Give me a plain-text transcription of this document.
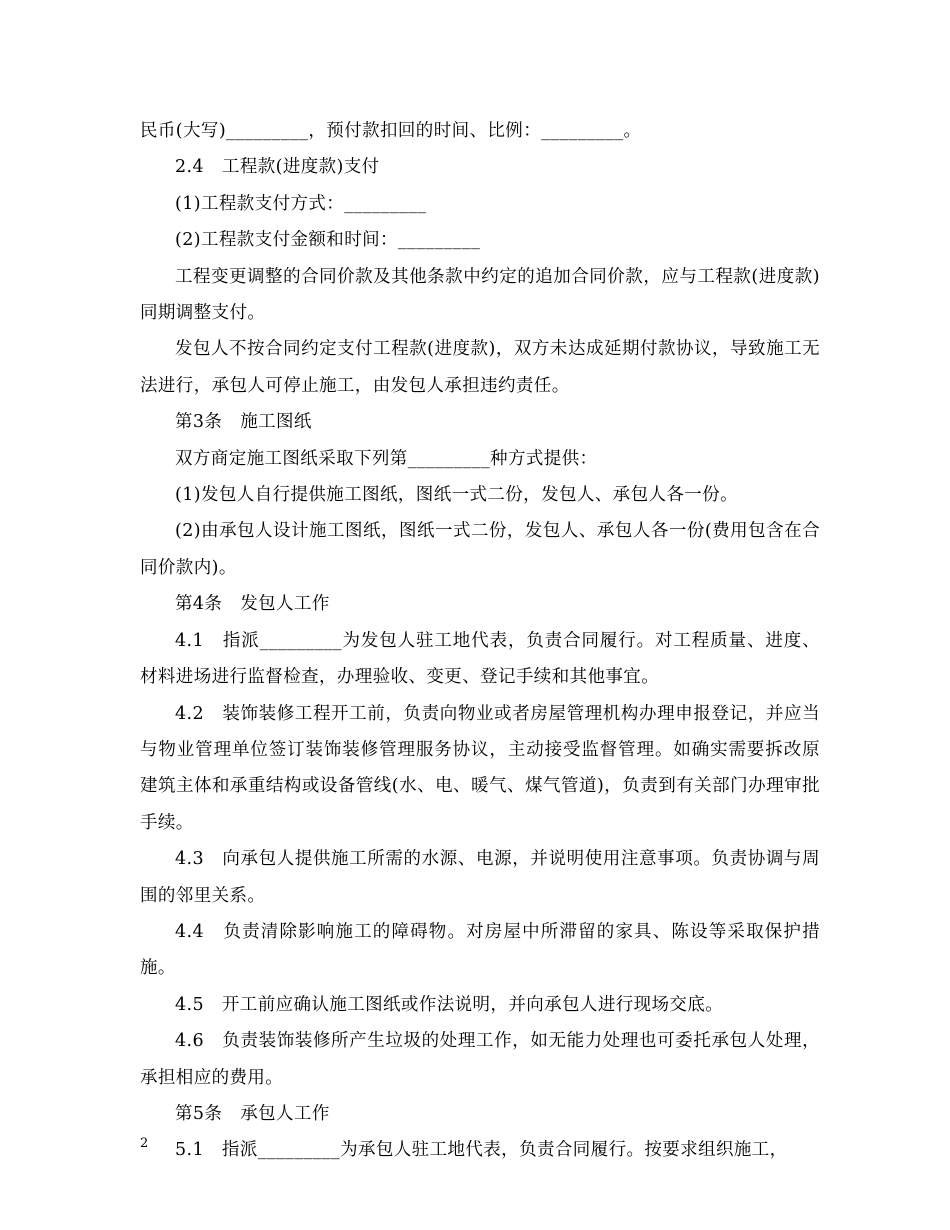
民币(大写)_________，预付款扣回的时间、比例：_________。

2.4　工程款(进度款)支付

(1)工程款支付方式：_________

(2)工程款支付金额和时间：_________

工程变更调整的合同价款及其他条款中约定的追加合同价款，应与工程款(进度款)同期调整支付。

发包人不按合同约定支付工程款(进度款)，双方未达成延期付款协议，导致施工无法进行，承包人可停止施工，由发包人承担违约责任。

第3条　施工图纸

双方商定施工图纸采取下列第_________种方式提供：

(1)发包人自行提供施工图纸，图纸一式二份，发包人、承包人各一份。

(2)由承包人设计施工图纸，图纸一式二份，发包人、承包人各一份(费用包含在合同价款内)。

第4条　发包人工作

4.1　指派_________为发包人驻工地代表，负责合同履行。对工程质量、进度、材料进场进行监督检查，办理验收、变更、登记手续和其他事宜。

4.2　装饰装修工程开工前，负责向物业或者房屋管理机构办理申报登记，并应当与物业管理单位签订装饰装修管理服务协议，主动接受监督管理。如确实需要拆改原建筑主体和承重结构或设备管线(水、电、暖气、煤气管道)，负责到有关部门办理审批手续。

4.3　向承包人提供施工所需的水源、电源，并说明使用注意事项。负责协调与周围的邻里关系。

4.4　负责清除影响施工的障碍物。对房屋中所滞留的家具、陈设等采取保护措施。

4.5　开工前应确认施工图纸或作法说明，并向承包人进行现场交底。

4.6　负责装饰装修所产生垃圾的处理工作，如无能力处理也可委托承包人处理，承担相应的费用。

第5条　承包人工作

5.1　指派_________为承包人驻工地代表，负责合同履行。按要求组织施工，

2
